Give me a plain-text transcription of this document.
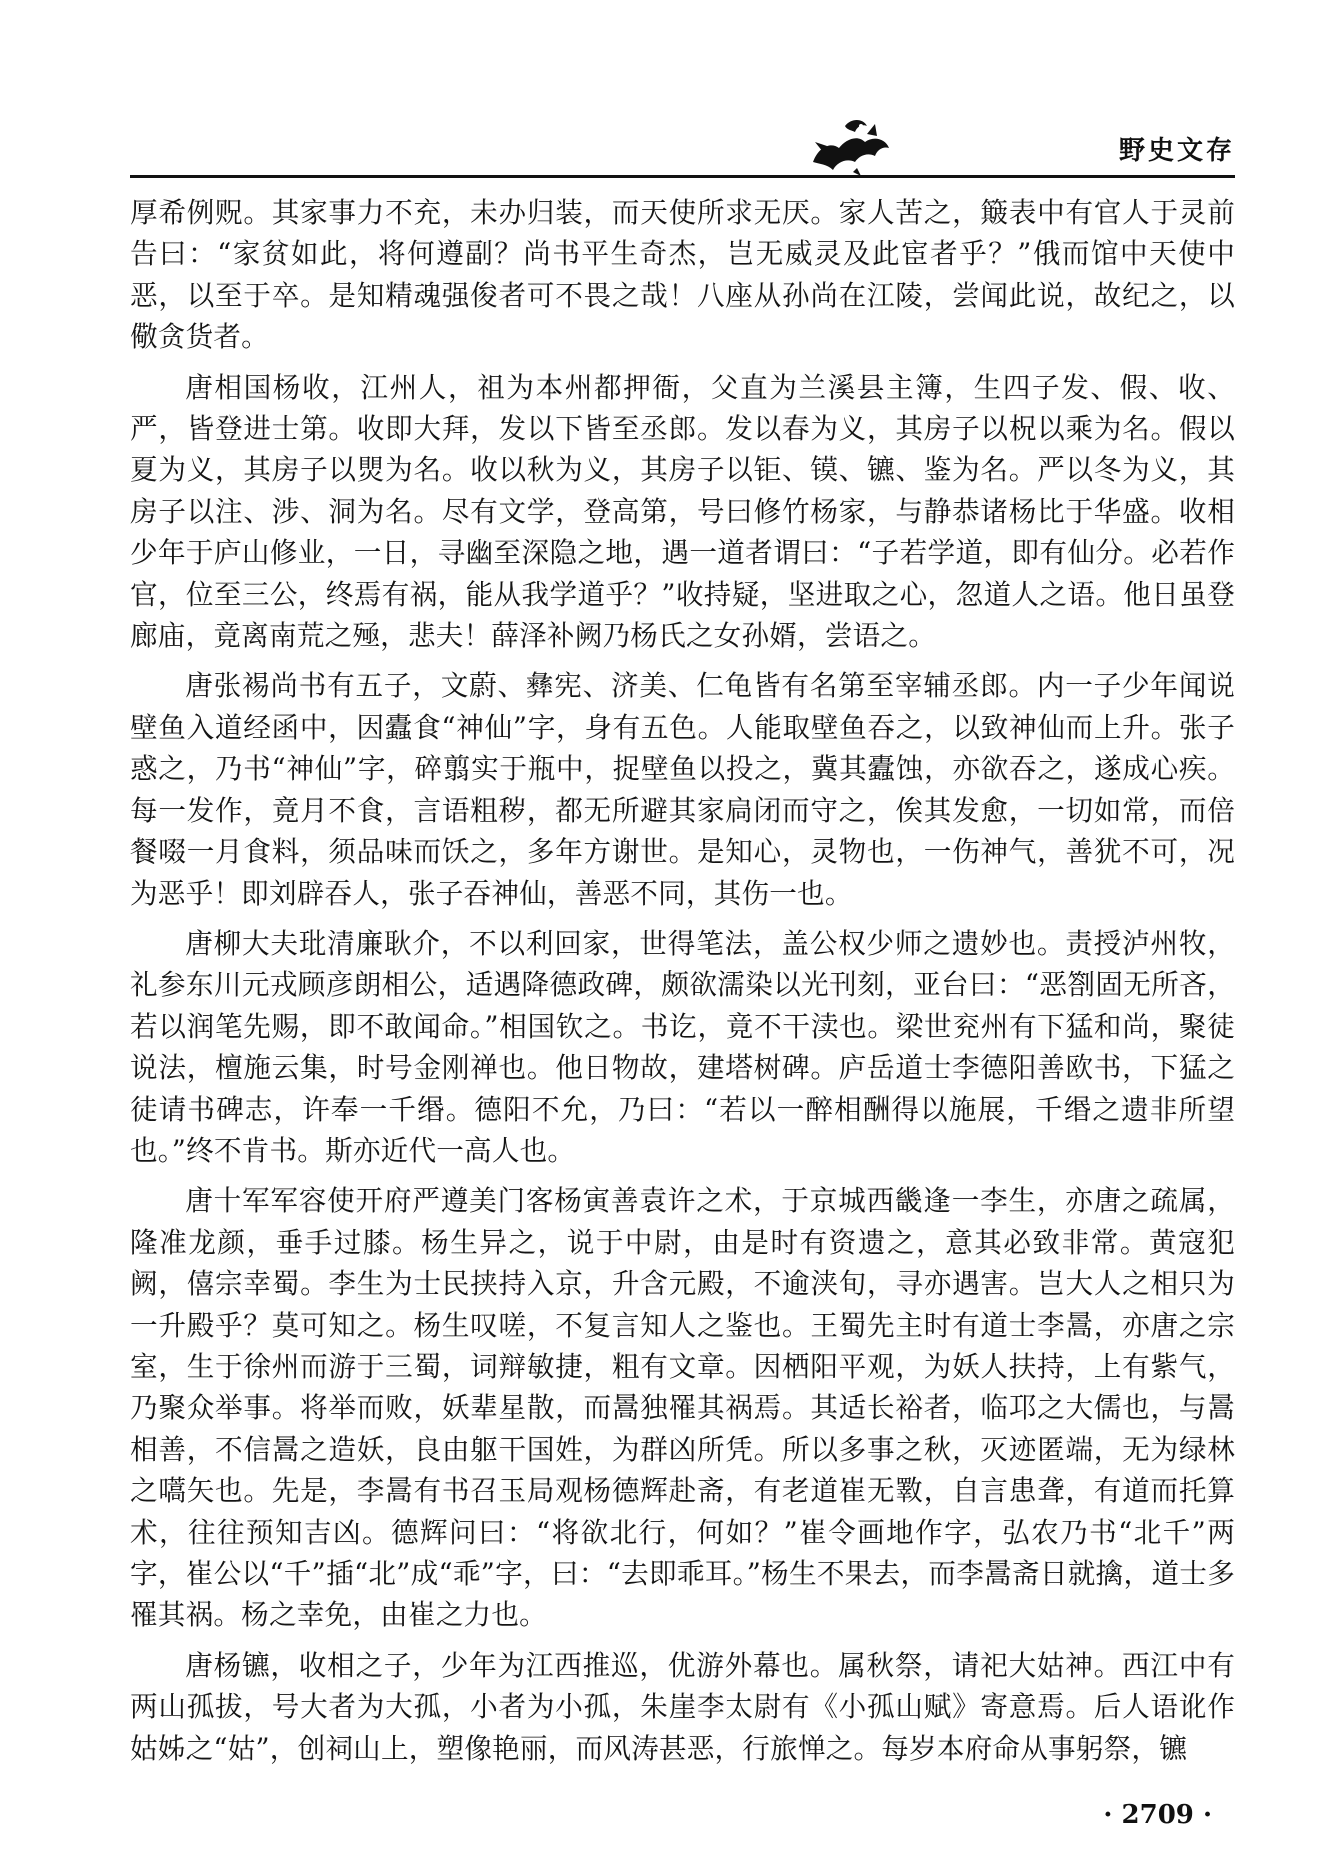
野史文存

厚希例贶。其家事力不充，未办归装，而天使所求无厌。家人苦之，簸表中有官人于灵前告曰：“家贫如此，将何遵副？尚书平生奇杰，岂无威灵及此宦者乎？”俄而馆中天使中恶，以至于卒。是知精魂强俊者可不畏之哉！八座从孙尚在江陵，尝闻此说，故纪之，以儆贪货者。

唐相国杨收，江州人，祖为本州都押衙，父直为兰溪县主簿，生四子发、假、收、严，皆登进士第。收即大拜，发以下皆至丞郎。发以春为义，其房子以柷以乘为名。假以夏为义，其房子以煛为名。收以秋为义，其房子以钜、镆、镳、鉴为名。严以冬为义，其房子以注、涉、洞为名。尽有文学，登高第，号曰修竹杨家，与静恭诸杨比于华盛。收相少年于庐山修业，一日，寻幽至深隐之地，遇一道者谓曰：“子若学道，即有仙分。必若作官，位至三公，终焉有祸，能从我学道乎？”收持疑，坚进取之心，忽道人之语。他日虽登廊庙，竟离南荒之殛，悲夫！薛泽补阙乃杨氏之女孙婿，尝语之。

唐张裼尚书有五子，文蔚、彝宪、济美、仁龟皆有名第至宰辅丞郎。内一子少年闻说壁鱼入道经函中，因蠹食“神仙”字，身有五色。人能取壁鱼吞之，以致神仙而上升。张子惑之，乃书“神仙”字，碎翦实于瓶中，捉壁鱼以投之，冀其蠹蚀，亦欲吞之，遂成心疾。每一发作，竟月不食，言语粗秽，都无所避其家扃闭而守之，俟其发愈，一切如常，而倍餐啜一月食料，须品味而饫之，多年方谢世。是知心，灵物也，一伤神气，善犹不可，况为恶乎！即刘辟吞人，张子吞神仙，善恶不同，其伤一也。

唐柳大夫玭清廉耿介，不以利回家，世得笔法，盖公权少师之遗妙也。责授泸州牧，礼参东川元戎顾彦朗相公，适遇降德政碑，颇欲濡染以光刊刻，亚台曰：“恶劄固无所吝，若以润笔先赐，即不敢闻命。”相国钦之。书讫，竟不干渎也。梁世兖州有下猛和尚，聚徒说法，檀施云集，时号金刚禅也。他日物故，建塔树碑。庐岳道士李德阳善欧书，下猛之徒请书碑志，许奉一千缗。德阳不允，乃曰：“若以一醉相酬得以施展，千缗之遗非所望也。”终不肯书。斯亦近代一高人也。

唐十军军容使开府严遵美门客杨寅善袁许之术，于京城西畿逢一李生，亦唐之疏属，隆准龙颜，垂手过膝。杨生异之，说于中尉，由是时有资遗之，意其必致非常。黄寇犯阙，僖宗幸蜀。李生为士民挟持入京，升含元殿，不逾浃旬，寻亦遇害。岂大人之相只为一升殿乎？莫可知之。杨生叹嗟，不复言知人之鉴也。王蜀先主时有道士李暠，亦唐之宗室，生于徐州而游于三蜀，词辩敏捷，粗有文章。因栖阳平观，为妖人扶持，上有紫气，乃聚众举事。将举而败，妖辈星散，而暠独罹其祸焉。其适长裕者，临邛之大儒也，与暠相善，不信暠之造妖，良由躯干国姓，为群凶所凭。所以多事之秋，灭迹匿端，无为绿林之嚆矢也。先是，李暠有书召玉局观杨德辉赴斋，有老道崔无斁，自言患聋，有道而托算术，往往预知吉凶。德辉问曰：“将欲北行，何如？”崔令画地作字，弘农乃书“北千”两字，崔公以“千”插“北”成“乖”字，曰：“去即乖耳。”杨生不果去，而李暠斋日就擒，道士多罹其祸。杨之幸免，由崔之力也。

唐杨镳，收相之子，少年为江西推巡，优游外幕也。属秋祭，请祀大姑神。西江中有两山孤拔，号大者为大孤，小者为小孤，朱崖李太尉有《小孤山赋》寄意焉。后人语讹作姑姊之“姑”，创祠山上，塑像艳丽，而风涛甚恶，行旅惮之。每岁本府命从事躬祭，镳

· 2709 ·
